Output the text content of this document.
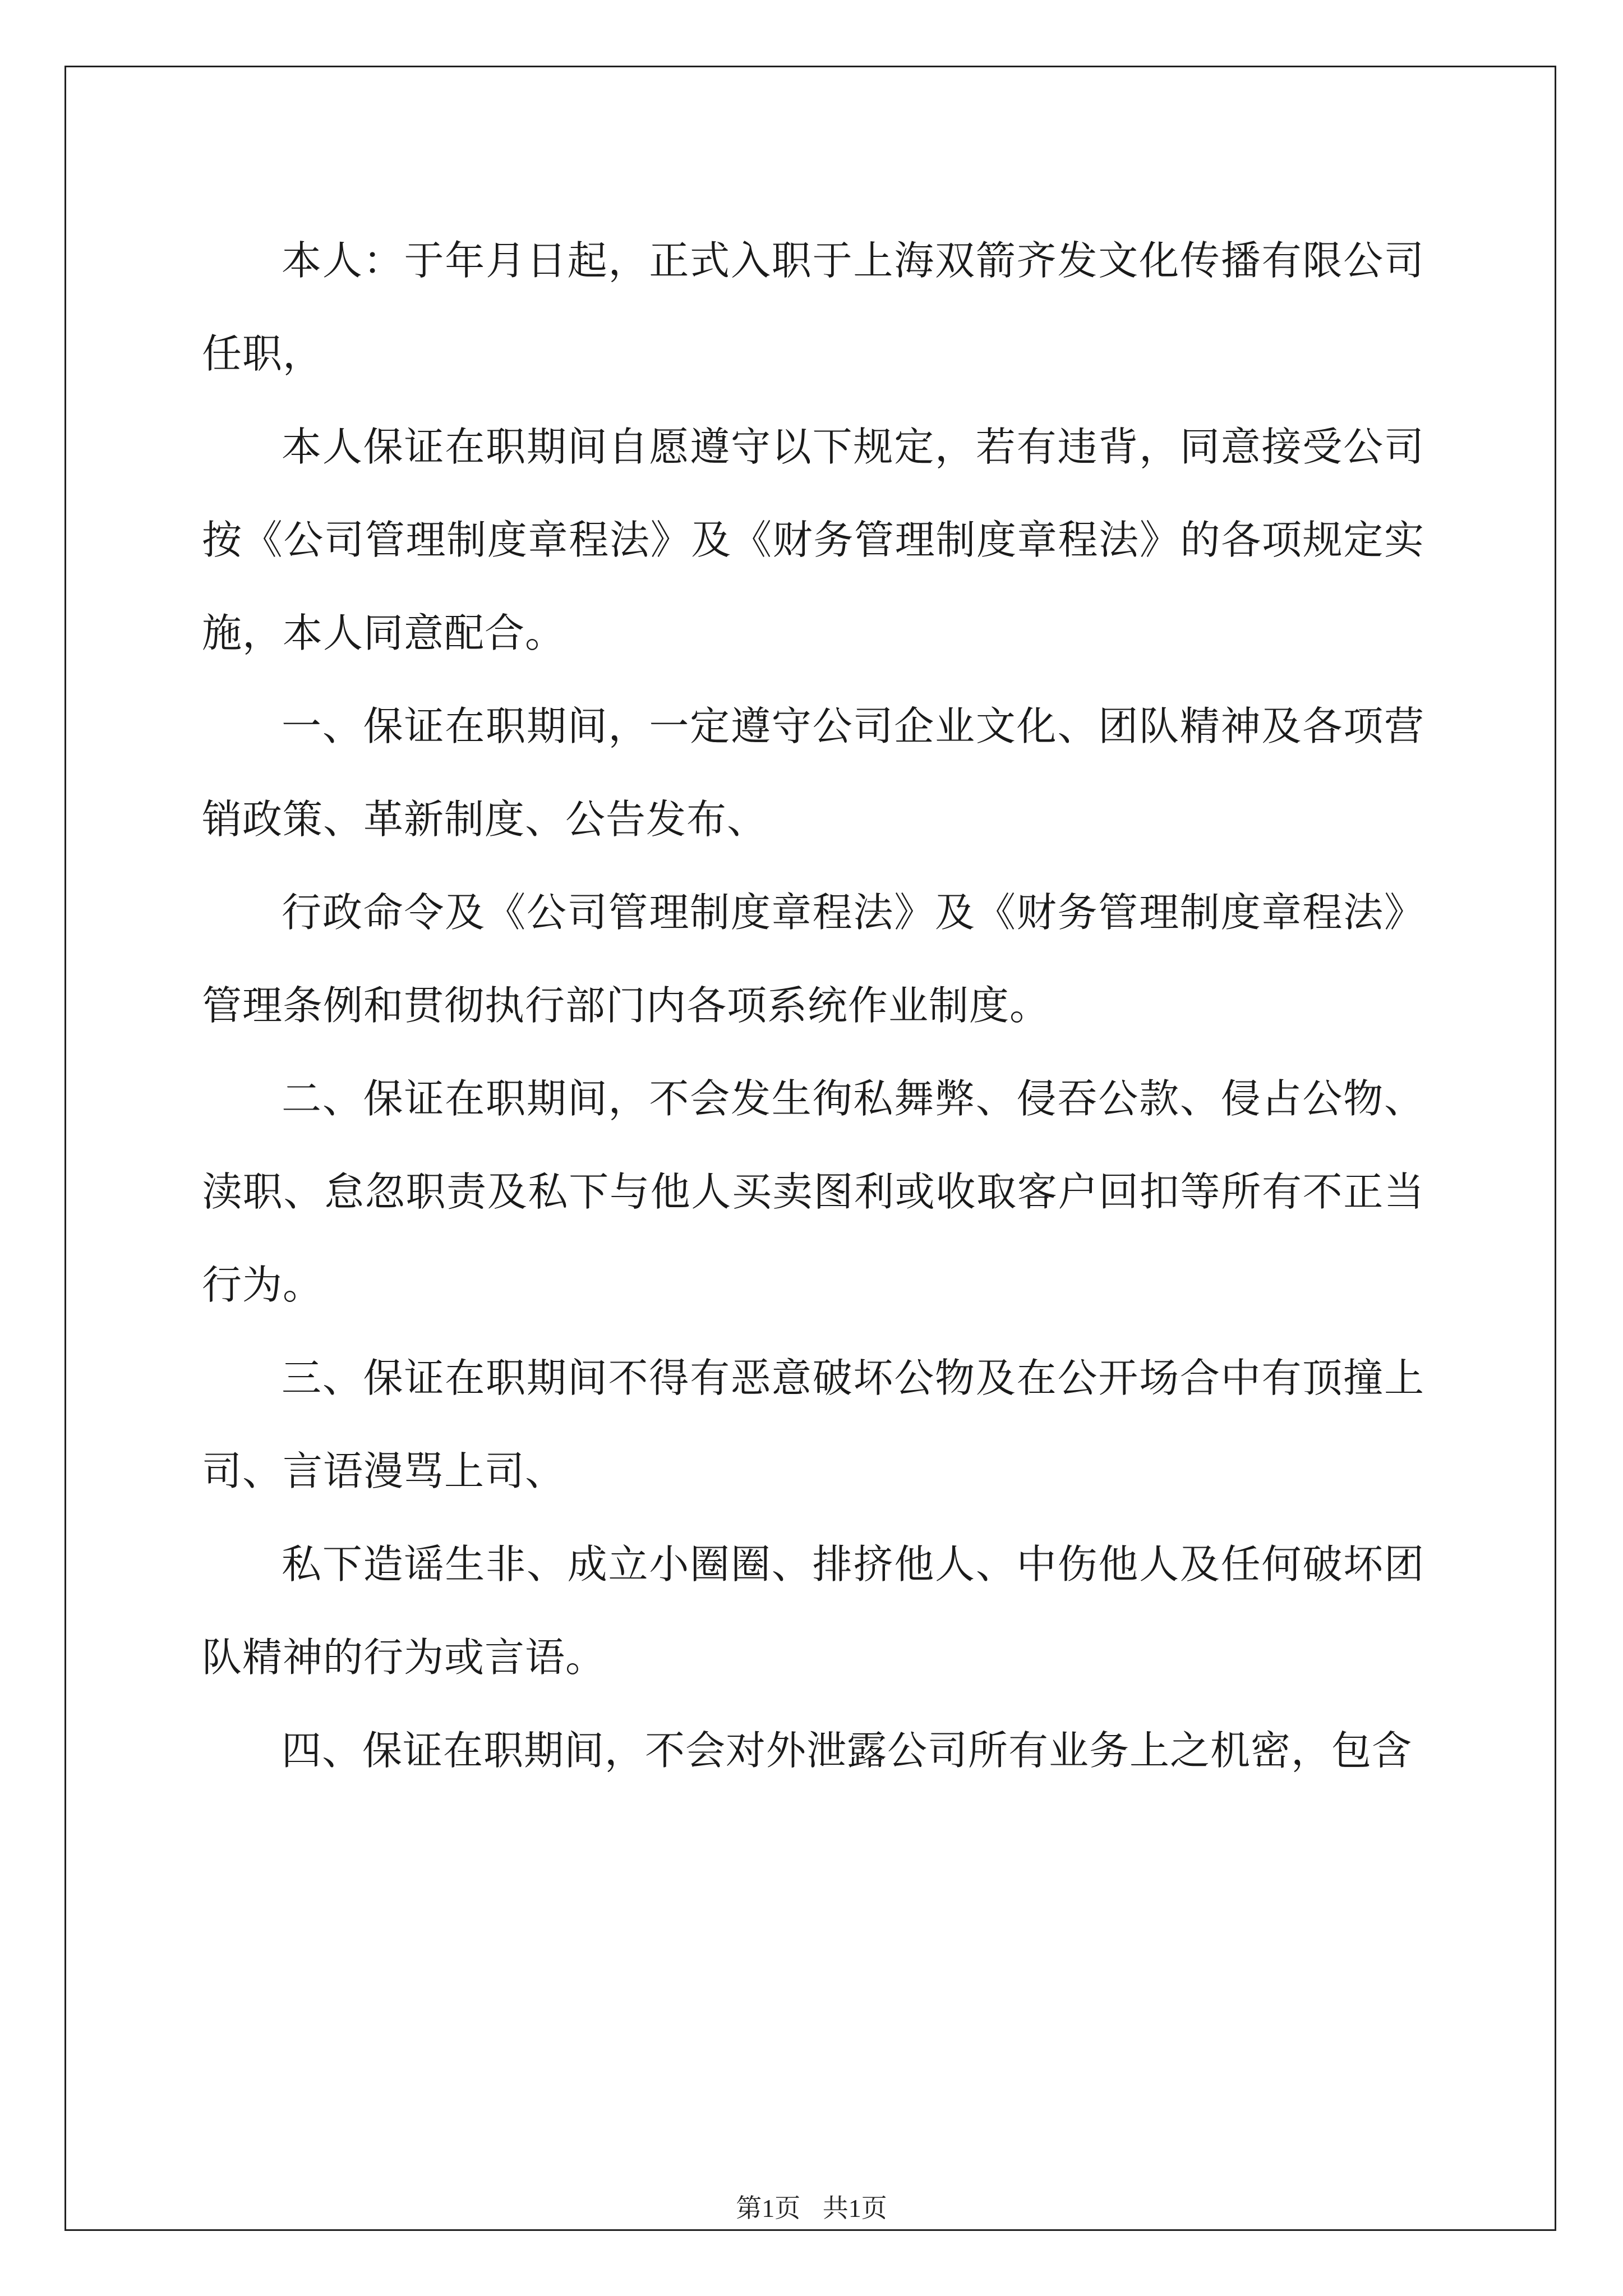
本人：于年月日起，正式入职于上海双箭齐发文化传播有限公司任职，

本人保证在职期间自愿遵守以下规定，若有违背，同意接受公司按《公司管理制度章程法》及《财务管理制度章程法》的各项规定实施，本人同意配合。

一、保证在职期间，一定遵守公司企业文化、团队精神及各项营销政策、革新制度、公告发布、

行政命令及《公司管理制度章程法》及《财务管理制度章程法》管理条例和贯彻执行部门内各项系统作业制度。

二、保证在职期间，不会发生徇私舞弊、侵吞公款、侵占公物、渎职、怠忽职责及私下与他人买卖图利或收取客户回扣等所有不正当行为。

三、保证在职期间不得有恶意破坏公物及在公开场合中有顶撞上司、言语漫骂上司、

私下造谣生非、成立小圈圈、排挤他人、中伤他人及任何破坏团队精神的行为或言语。

四、保证在职期间，不会对外泄露公司所有业务上之机密，包含

第1页 共1页
